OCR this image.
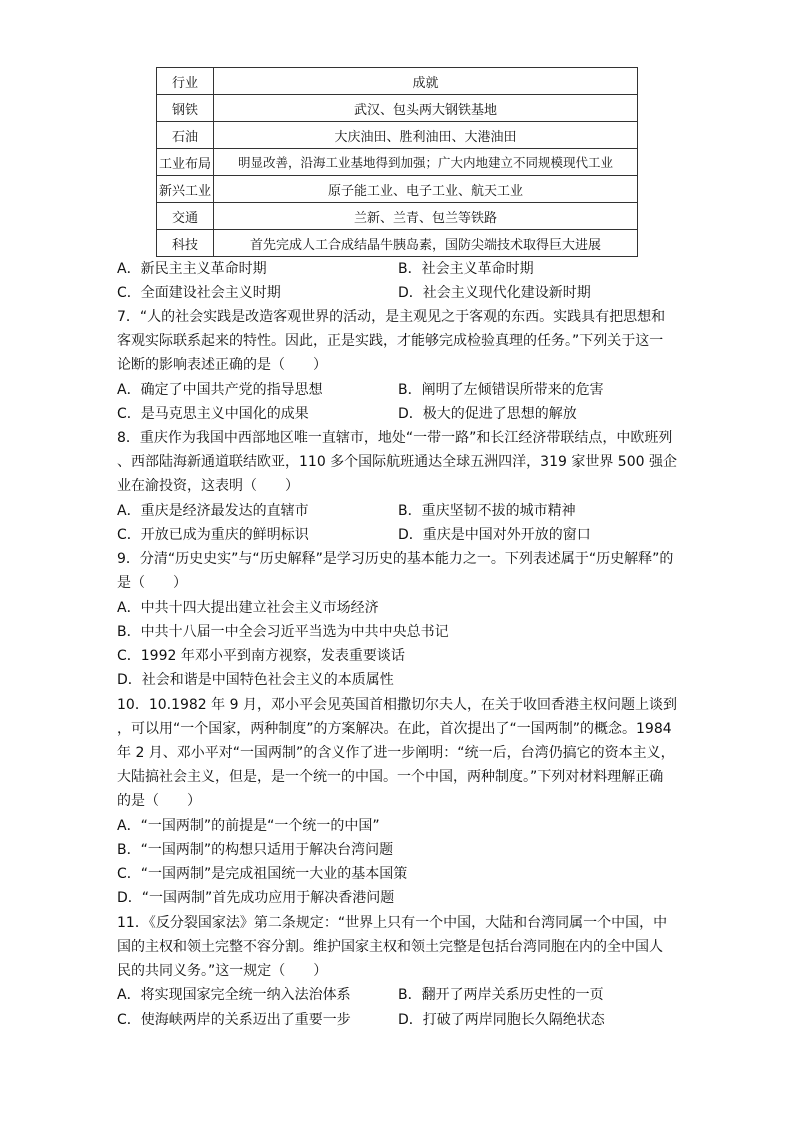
行业	成就
钢铁	武汉、包头两大钢铁基地
石油	大庆油田、胜利油田、大港油田
工业布局	明显改善，沿海工业基地得到加强；广大内地建立不同规模现代工业
新兴工业	原子能工业、电子工业、航天工业
交通	兰新、兰青、包兰等铁路
科技	首先完成人工合成结晶牛胰岛素，国防尖端技术取得巨大进展
A．新民主主义革命时期	B．社会主义革命时期
C．全面建设社会主义时期	D．社会主义现代化建设新时期
7．“人的社会实践是改造客观世界的活动，是主观见之于客观的东西。实践具有把思想和
客观实际联系起来的特性。因此，正是实践，才能够完成检验真理的任务。”下列关于这一
论断的影响表述正确的是（　　）
A．确定了中国共产党的指导思想	B．阐明了左倾错误所带来的危害
C．是马克思主义中国化的成果	D．极大的促进了思想的解放
8．重庆作为我国中西部地区唯一直辖市，地处“一带一路”和长江经济带联结点，中欧班列
、西部陆海新通道联结欧亚，110 多个国际航班通达全球五洲四洋，319 家世界 500 强企
业在渝投资，这表明（　　）
A．重庆是经济最发达的直辖市	B．重庆坚韧不拔的城市精神
C．开放已成为重庆的鲜明标识	D．重庆是中国对外开放的窗口
9．分清“历史史实”与“历史解释”是学习历史的基本能力之一。下列表述属于“历史解释”的
是（　　）
A．中共十四大提出建立社会主义市场经济
B．中共十八届一中全会习近平当选为中共中央总书记
C．1992 年邓小平到南方视察，发表重要谈话
D．社会和谐是中国特色社会主义的本质属性
10．10.1982 年 9 月，邓小平会见英国首相撒切尔夫人，在关于收回香港主权问题上谈到
，可以用“一个国家，两种制度”的方案解决。在此，首次提出了“一国两制”的概念。1984
年 2 月、邓小平对“一国两制”的含义作了进一步阐明：“统一后，台湾仍搞它的资本主义，
大陆搞社会主义，但是，是一个统一的中国。一个中国，两种制度。”下列对材料理解正确
的是（　　）
A．“一国两制”的前提是“一个统一的中国”
B．“一国两制”的构想只适用于解决台湾问题
C．“一国两制”是完成祖国统一大业的基本国策
D．“一国两制”首先成功应用于解决香港问题
11．《反分裂国家法》第二条规定：“世界上只有一个中国，大陆和台湾同属一个中国，中
国的主权和领土完整不容分割。维护国家主权和领土完整是包括台湾同胞在内的全中国人
民的共同义务。”这一规定（　　）
A．将实现国家完全统一纳入法治体系	B．翻开了两岸关系历史性的一页
C．使海峡两岸的关系迈出了重要一步	D．打破了两岸同胞长久隔绝状态
